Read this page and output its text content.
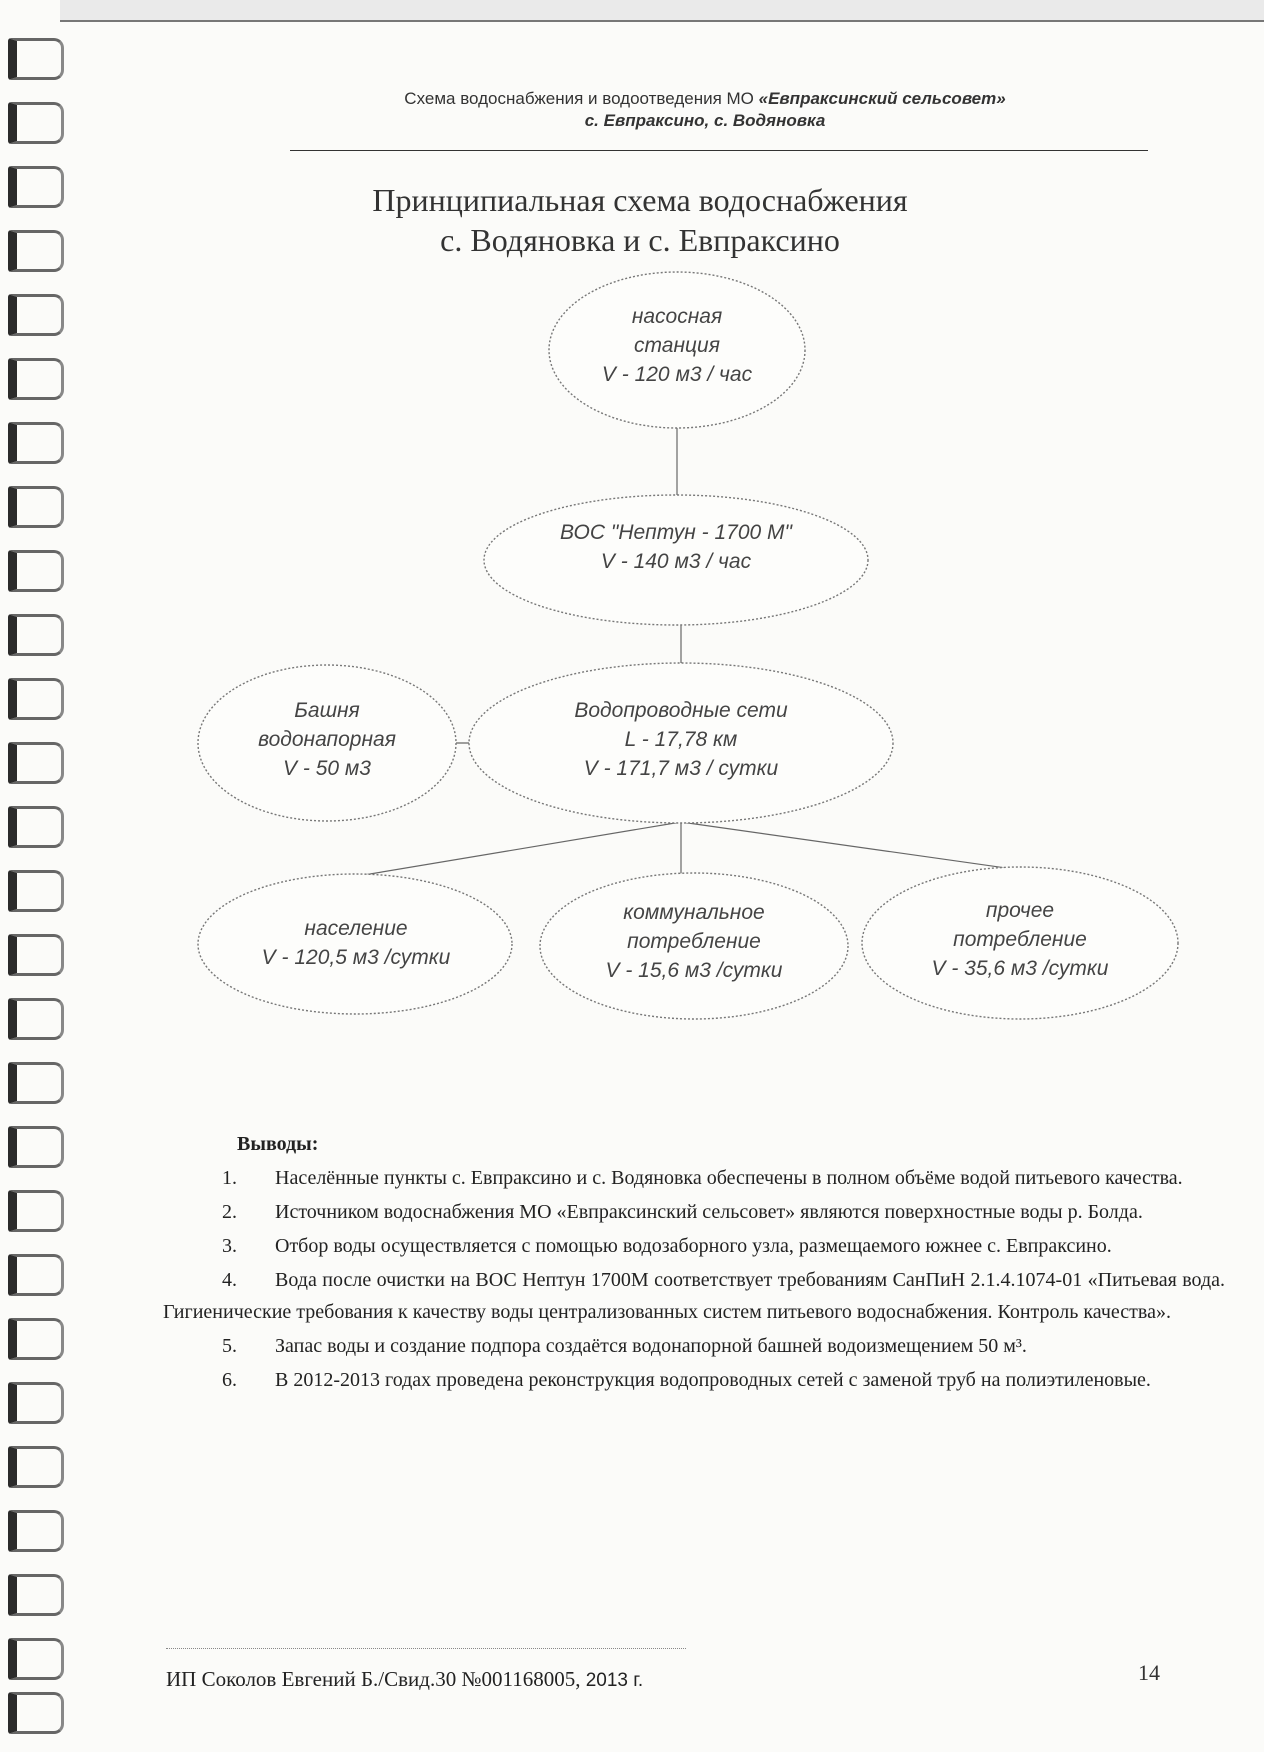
Схема водоснабжения и водоотведения МО «Евпраксинский сельсовет»
с. Евпраксино, с. Водяновка
Принципиальная схема водоснабжения
с. Водяновка и с. Евпраксино
насосная
станция
V - 120 м3 / час
ВОС "Нептун - 1700 М"
V - 140 м3 / час
Водопроводные сети
L - 17,78 км
V - 171,7 м3 / сутки
Башня
водонапорная
V - 50 м3
население
V - 120,5 м3 /сутки
коммунальное
потребление
V - 15,6 м3 /сутки
прочее
потребление
V - 35,6 м3 /сутки
Выводы:

1. Населённые пункты с. Евпраксино и с. Водяновка обеспечены в полном объёме водой питьевого качества.

2. Источником водоснабжения МО «Евпраксинский сельсовет» являются поверхностные воды р. Болда.

3. Отбор воды осуществляется с помощью водозаборного узла, размещаемого южнее с. Евпраксино.

4. Вода после очистки на ВОС Нептун 1700М соответствует требованиям СанПиН 2.1.4.1074-01 «Питьевая вода. Гигиенические требования к качеству воды централизованных систем питьевого водоснабжения. Контроль качества».

5. Запас воды и создание подпора создаётся водонапорной башней водоизмещением 50 м³.

6. В 2012-2013 годах проведена реконструкция водопроводных сетей с заменой труб на полиэтиленовые.

ИП Соколов Евгений Б./Свид.30 №001168005, 2013 г.	14
